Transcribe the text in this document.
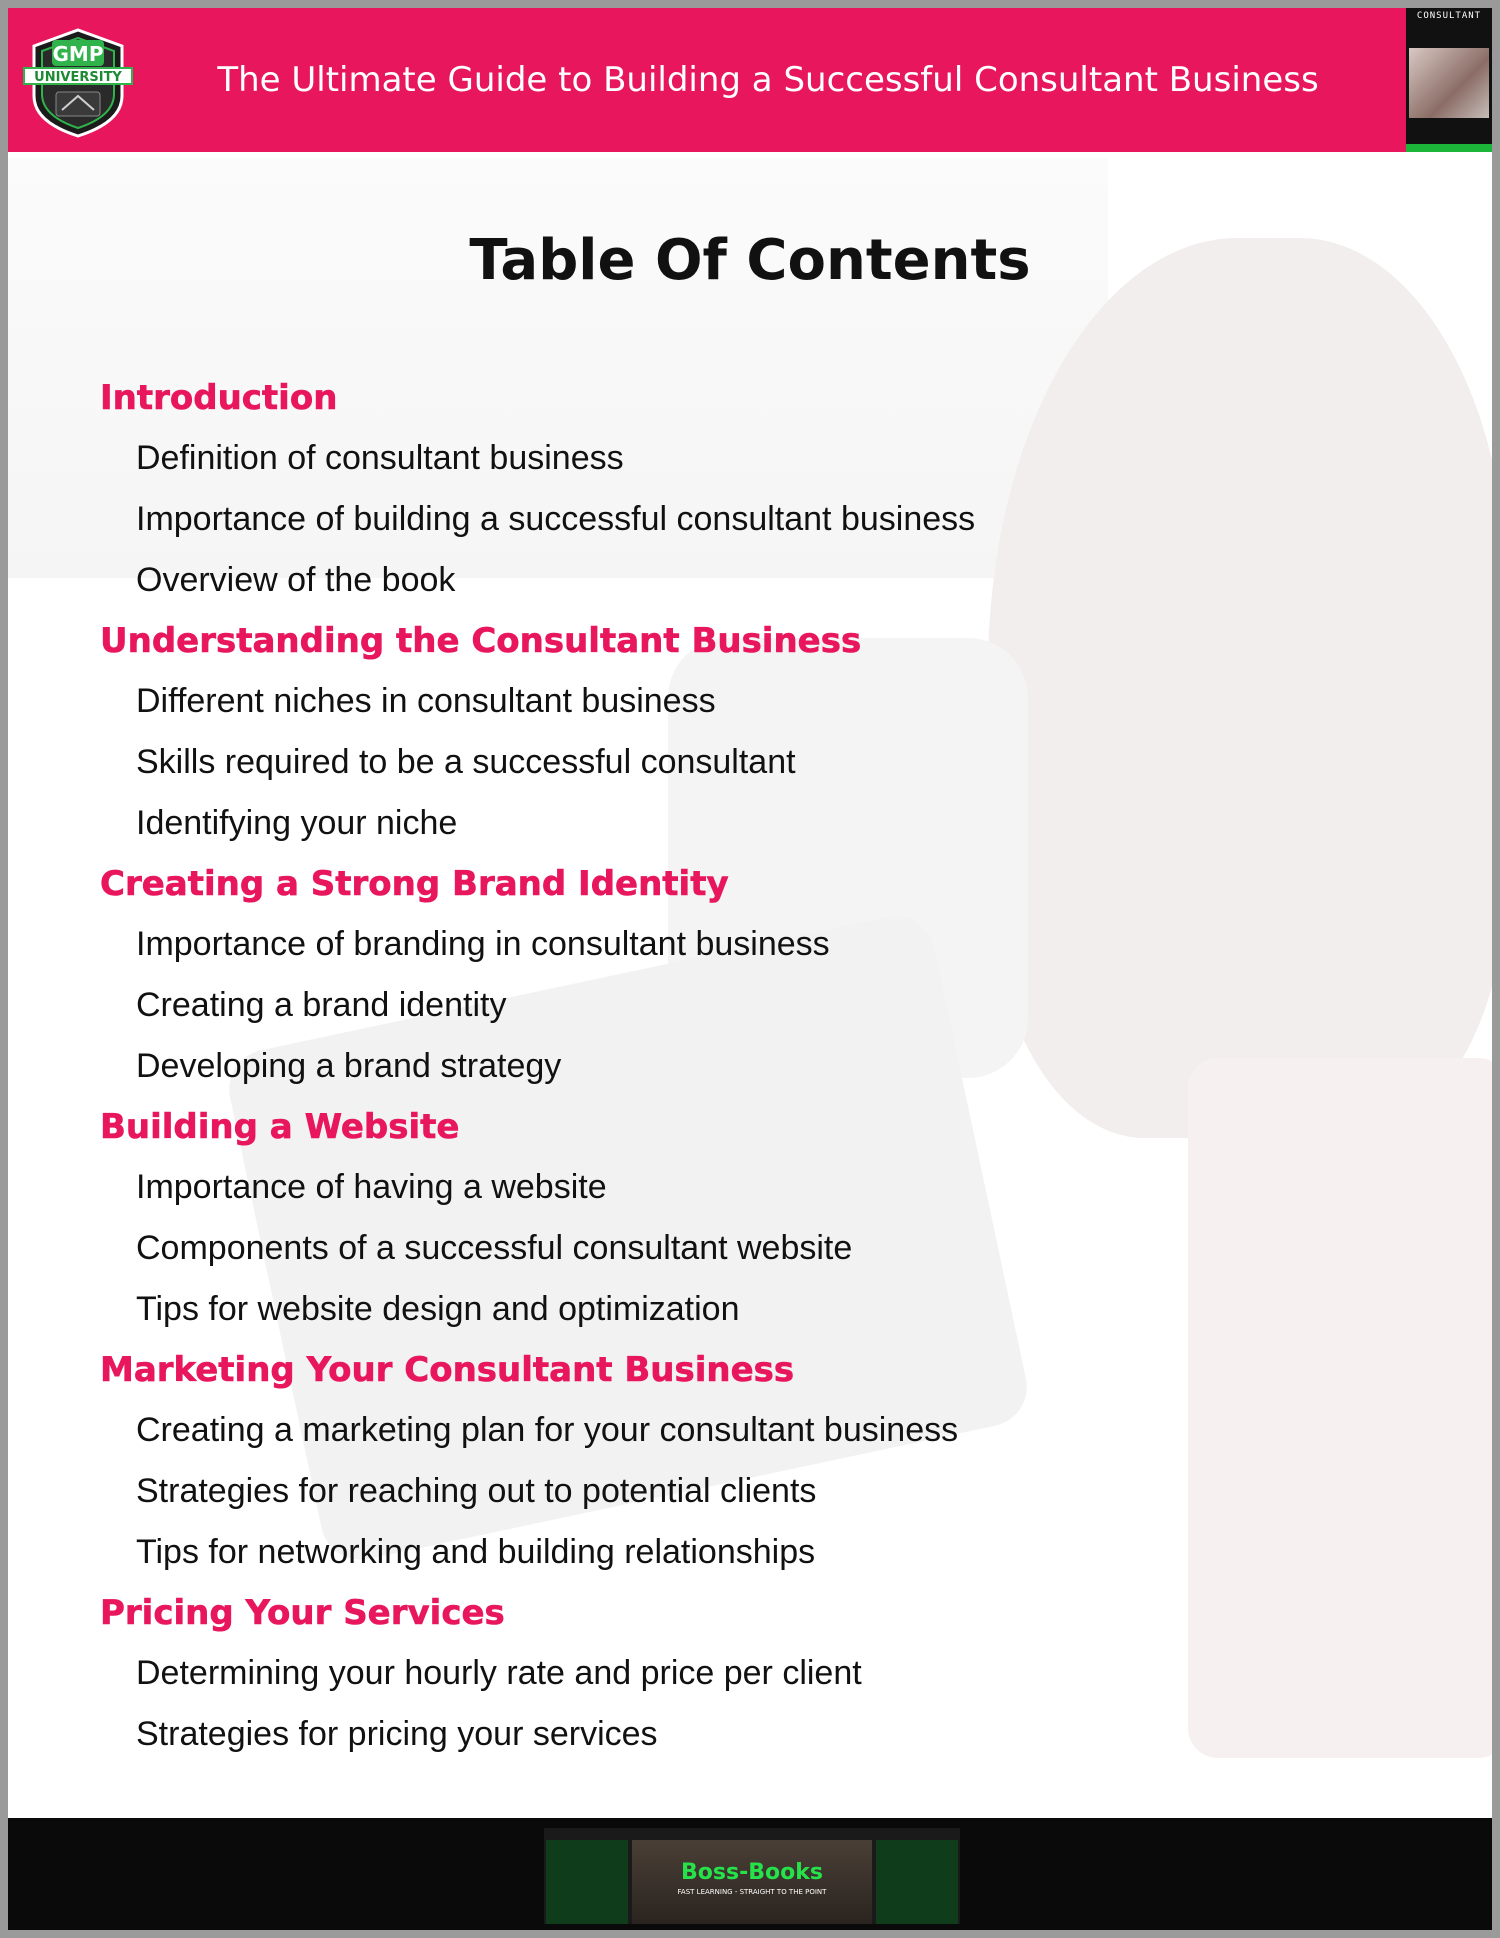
GMP
UNIVERSITY	The Ultimate Guide to Building a Successful Consultant Business
CONSULTANT
Table Of Contents
Introduction
Definition of consultant business
Importance of building a successful consultant business
Overview of the book
Understanding the Consultant Business
Different niches in consultant business
Skills required to be a successful consultant
Identifying your niche
Creating a Strong Brand Identity
Importance of branding in consultant business
Creating a brand identity
Developing a brand strategy
Building a Website
Importance of having a website
Components of a successful consultant website
Tips for website design and optimization
Marketing Your Consultant Business
Creating a marketing plan for your consultant business
Strategies for reaching out to potential clients
Tips for networking and building relationships
Pricing Your Services
Determining your hourly rate and price per client
Strategies for pricing your services
Boss-Books
FAST LEARNING - STRAIGHT TO THE POINT
